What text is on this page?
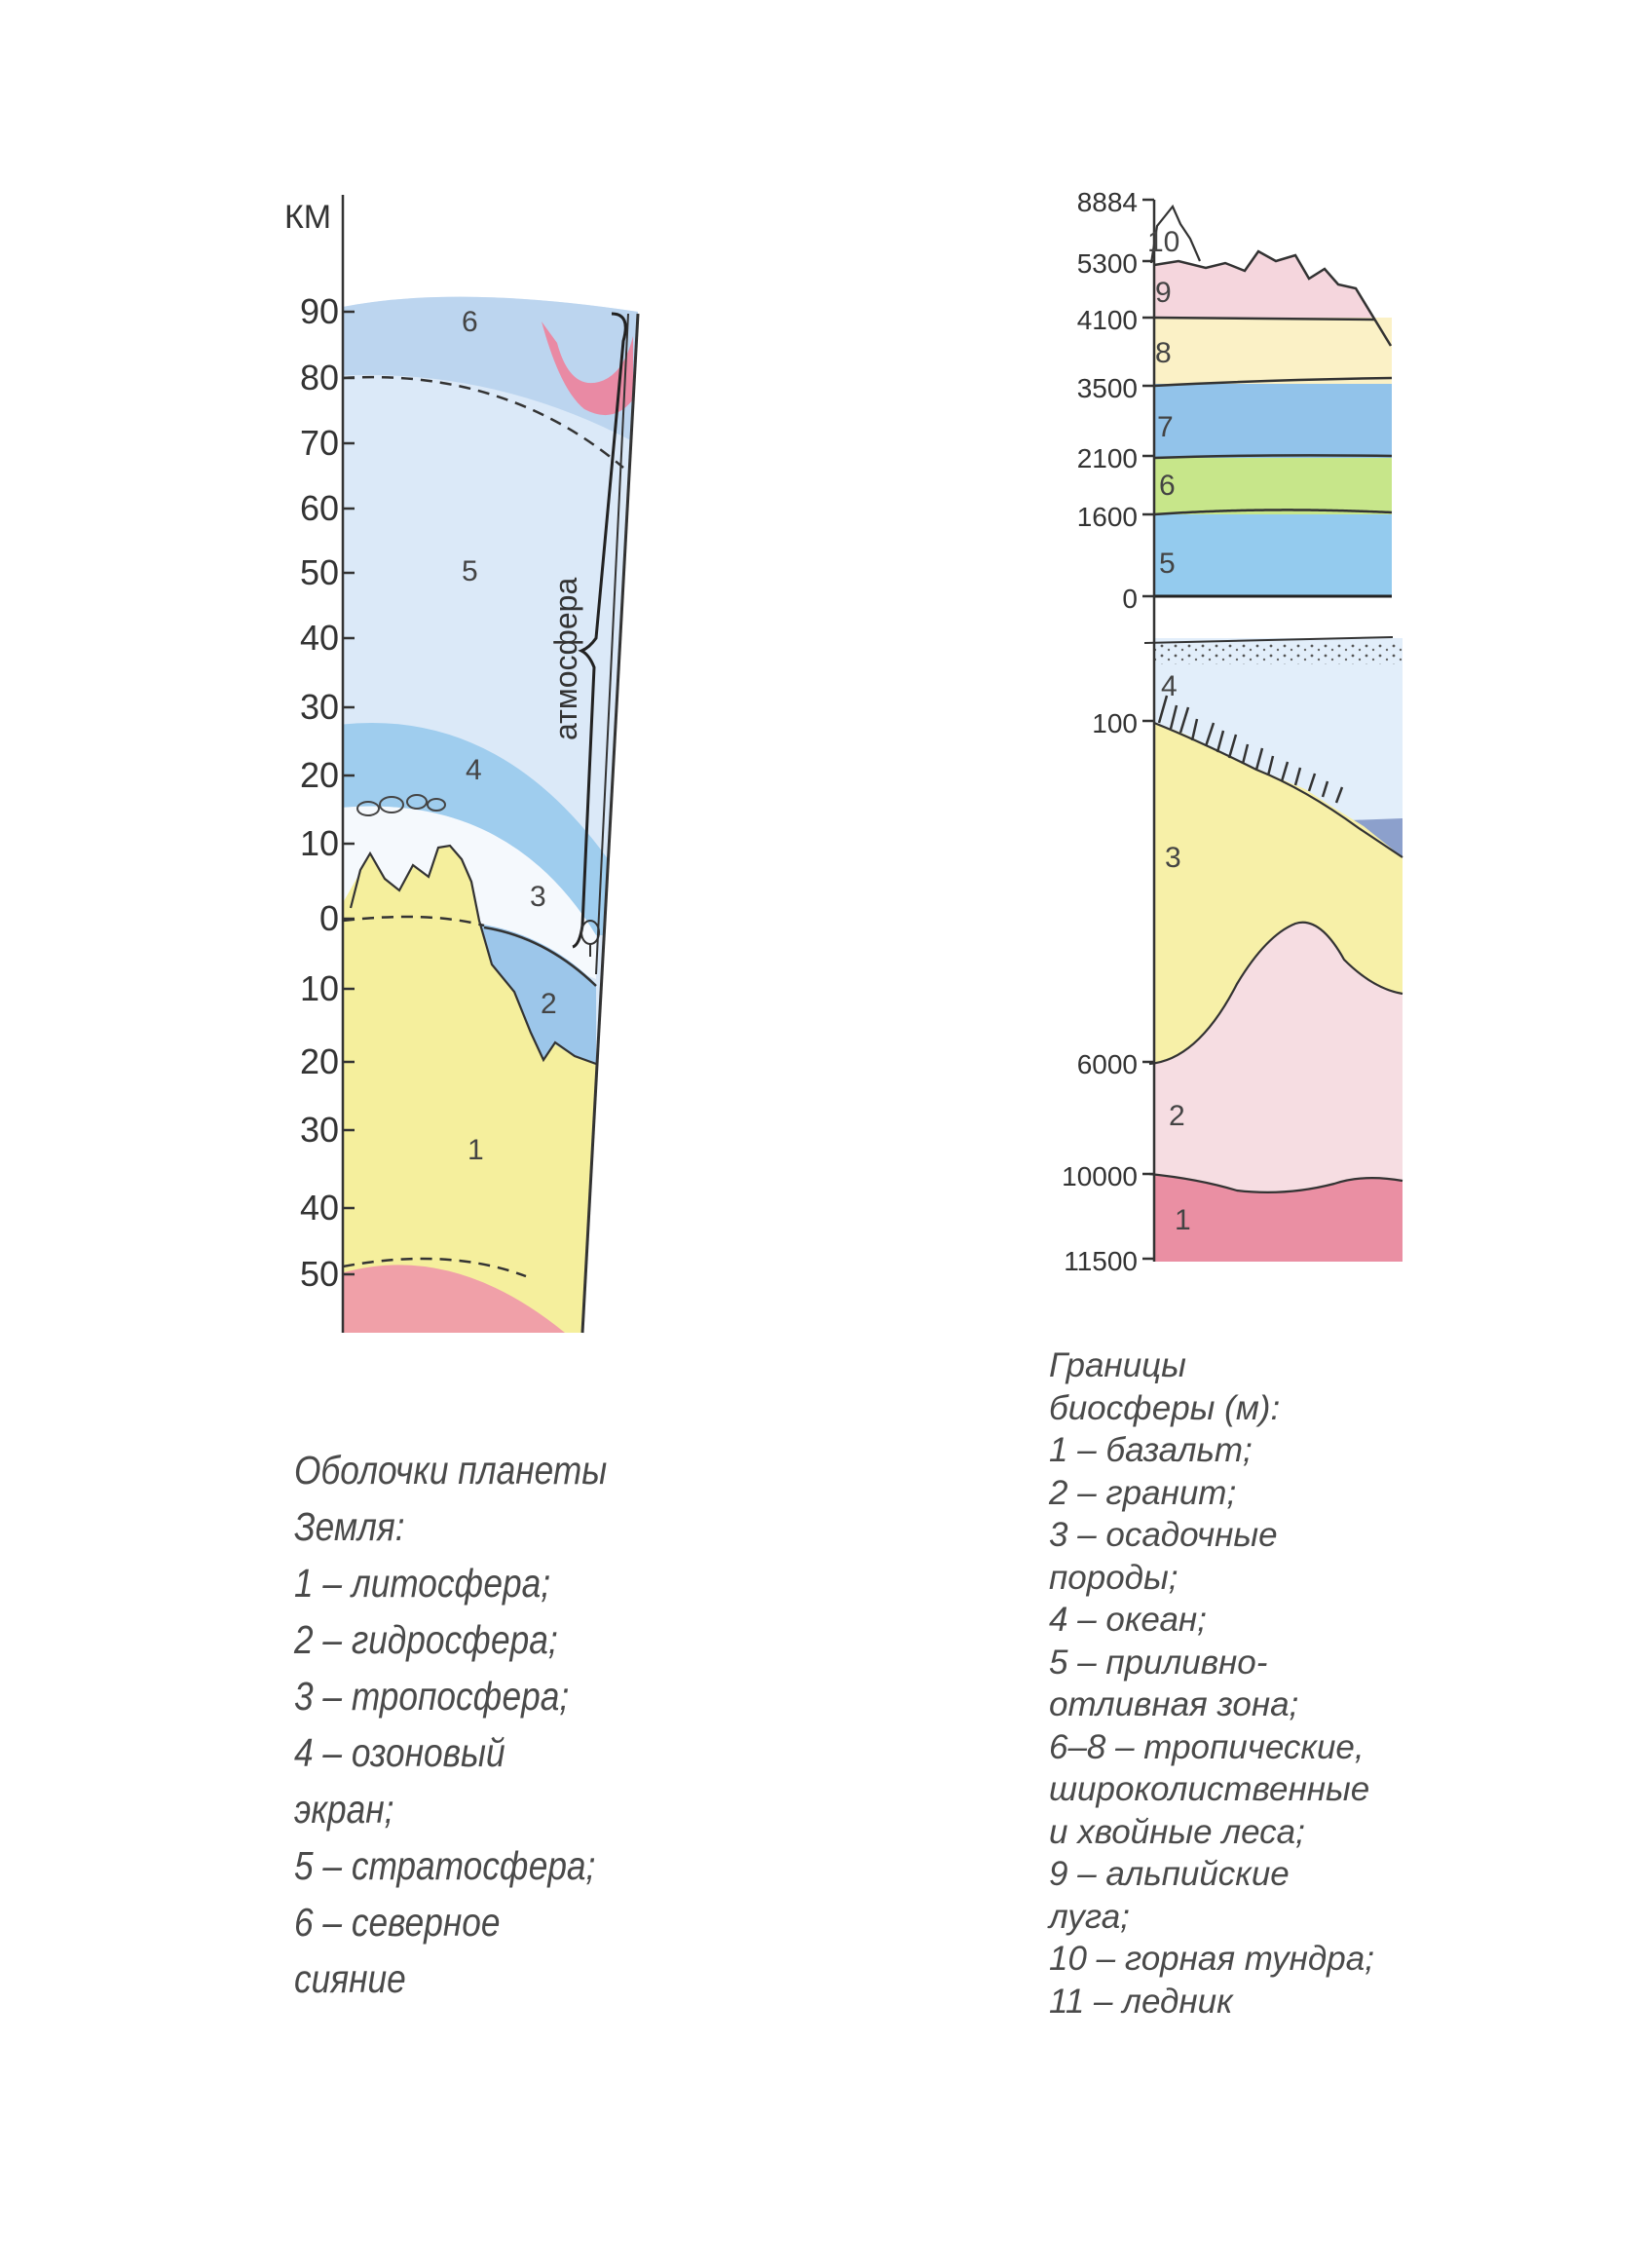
КМ
90
80
70
60
50
40
30
20
10
0
10
20
30
40
50
6
5
4
3
2
1
атмосфера
8884
5300
4100
3500
2100
1600
0
100
6000
10000
11500
10
9
8
7
6
5
4
3
2
1
Оболочки планеты
Земля:
1 – литосфера;
2 – гидросфера;
3 – тропосфера;
4 – озоновый
экран;
5 – стратосфера;
6 – северное
сияние
Границы
биосферы (м):
1 – базальт;
2 – гранит;
3 – осадочные
породы;
4 – океан;
5 – приливно-
отливная зона;
6–8 – тропические,
широколиственные
и хвойные леса;
9 – альпийские
луга;
10 – горная тундра;
11 – ледник
